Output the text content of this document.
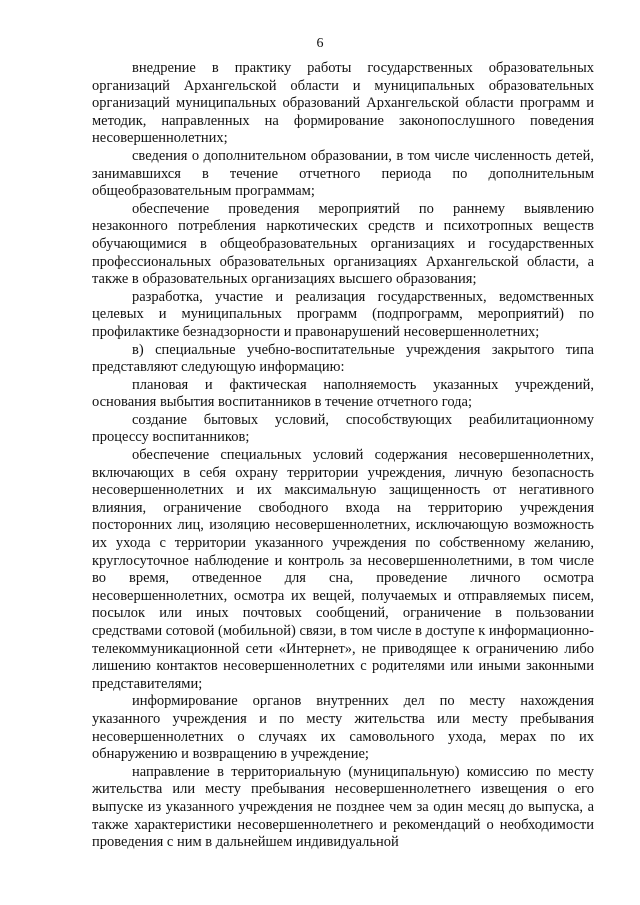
6

внедрение в практику работы государственных образовательных организаций Архангельской области и муниципальных образовательных организаций муниципальных образований Архангельской области программ и методик, направленных на формирование законопослушного поведения несовершеннолетних;

сведения о дополнительном образовании, в том числе численность детей, занимавшихся в течение отчетного периода по дополнительным общеобразовательным программам;

обеспечение проведения мероприятий по раннему выявлению незаконного потребления наркотических средств и психотропных веществ обучающимися в общеобразовательных организациях и государственных профессиональных образовательных организациях Архангельской области, а также в образовательных организациях высшего образования;

разработка, участие и реализация государственных, ведомственных целевых и муниципальных программ (подпрограмм, мероприятий) по профилактике безнадзорности и правонарушений несовершеннолетних;

в) специальные учебно-воспитательные учреждения закрытого типа представляют следующую информацию:

плановая и фактическая наполняемость указанных учреждений, основания выбытия воспитанников в течение отчетного года;

создание бытовых условий, способствующих реабилитационному процессу воспитанников;

обеспечение специальных условий содержания несовершеннолетних, включающих в себя охрану территории учреждения, личную безопасность несовершеннолетних и их максимальную защищенность от негативного влияния, ограничение свободного входа на территорию учреждения посторонних лиц, изоляцию несовершеннолетних, исключающую возможность их ухода с территории указанного учреждения по собственному желанию, круглосуточное наблюдение и контроль за несовершеннолетними, в том числе во время, отведенное для сна, проведение личного осмотра несовершеннолетних, осмотра их вещей, получаемых и отправляемых писем, посылок или иных почтовых сообщений, ограничение в пользовании средствами сотовой (мобильной) связи, в том числе в доступе к информационно-телекоммуникационной сети «Интернет», не приводящее к ограничению либо лишению контактов несовершеннолетних с родителями или иными законными представителями;

информирование органов внутренних дел по месту нахождения указанного учреждения и по месту жительства или месту пребывания несовершеннолетних о случаях их самовольного ухода, мерах по их обнаружению и возвращению в учреждение;

направление в территориальную (муниципальную) комиссию по месту жительства или месту пребывания несовершеннолетнего извещения о его выпуске из указанного учреждения не позднее чем за один месяц до выпуска, а также характеристики несовершеннолетнего и рекомендаций о необходимости проведения с ним в дальнейшем индивидуальной
